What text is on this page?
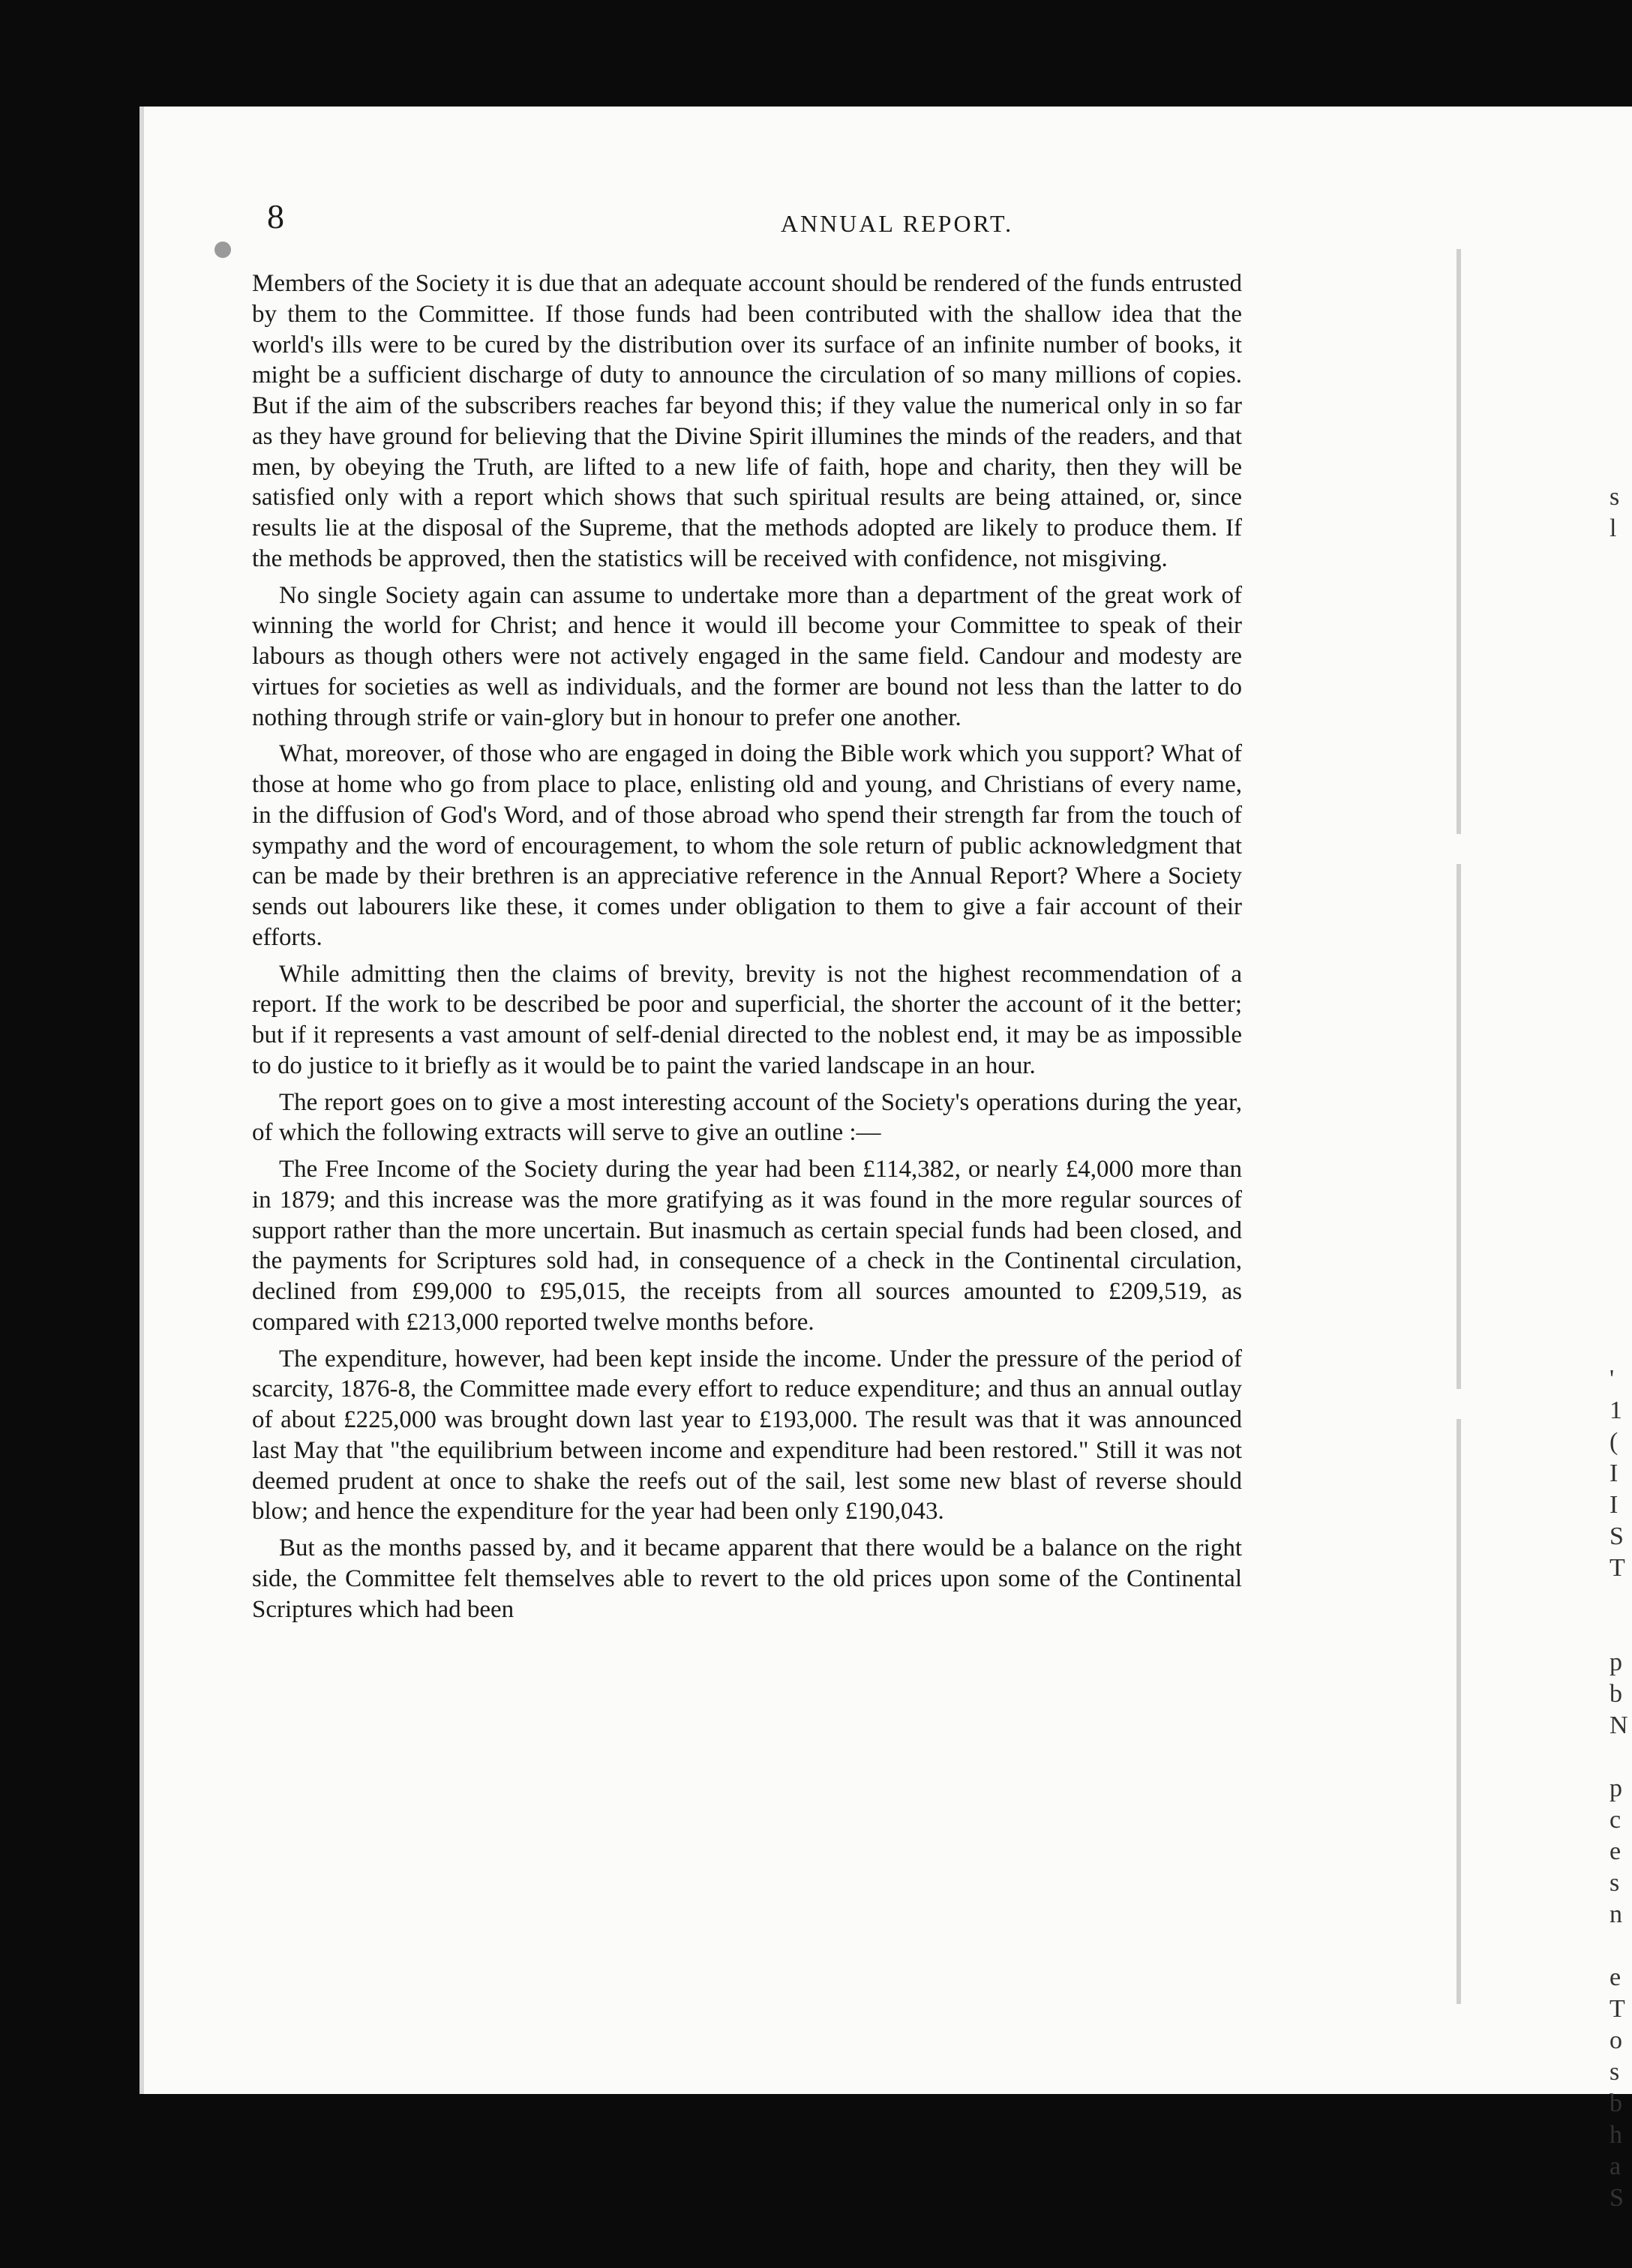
8	ANNUAL REPORT.

Members of the Society it is due that an adequate account should be rendered of the funds entrusted by them to the Committee. If those funds had been contributed with the shallow idea that the world's ills were to be cured by the distribution over its surface of an infinite number of books, it might be a sufficient discharge of duty to announce the circulation of so many millions of copies. But if the aim of the subscribers reaches far beyond this; if they value the numerical only in so far as they have ground for believing that the Divine Spirit illumines the minds of the readers, and that men, by obeying the Truth, are lifted to a new life of faith, hope and charity, then they will be satisfied only with a report which shows that such spiritual results are being attained, or, since results lie at the disposal of the Supreme, that the methods adopted are likely to produce them. If the methods be approved, then the statistics will be received with confidence, not misgiving.

No single Society again can assume to undertake more than a department of the great work of winning the world for Christ; and hence it would ill become your Committee to speak of their labours as though others were not actively engaged in the same field. Candour and modesty are virtues for societies as well as individuals, and the former are bound not less than the latter to do nothing through strife or vain-glory but in honour to prefer one another.

What, moreover, of those who are engaged in doing the Bible work which you support? What of those at home who go from place to place, enlisting old and young, and Christians of every name, in the diffusion of God's Word, and of those abroad who spend their strength far from the touch of sympathy and the word of encouragement, to whom the sole return of public acknowledgment that can be made by their brethren is an appreciative reference in the Annual Report? Where a Society sends out labourers like these, it comes under obligation to them to give a fair account of their efforts.

While admitting then the claims of brevity, brevity is not the highest recommendation of a report. If the work to be described be poor and superficial, the shorter the account of it the better; but if it represents a vast amount of self-denial directed to the noblest end, it may be as impossible to do justice to it briefly as it would be to paint the varied landscape in an hour.

The report goes on to give a most interesting account of the Society's operations during the year, of which the following extracts will serve to give an outline :—

The Free Income of the Society during the year had been £114,382, or nearly £4,000 more than in 1879; and this increase was the more gratifying as it was found in the more regular sources of support rather than the more uncertain. But inasmuch as certain special funds had been closed, and the payments for Scriptures sold had, in consequence of a check in the Continental circulation, declined from £99,000 to £95,015, the receipts from all sources amounted to £209,519, as compared with £213,000 reported twelve months before.

The expenditure, however, had been kept inside the income. Under the pressure of the period of scarcity, 1876-8, the Committee made every effort to reduce expenditure; and thus an annual outlay of about £225,000 was brought down last year to £193,000. The result was that it was announced last May that "the equilibrium between income and expenditure had been restored." Still it was not deemed prudent at once to shake the reefs out of the sail, lest some new blast of reverse should blow; and hence the expenditure for the year had been only £190,043.

But as the months passed by, and it became apparent that there would be a balance on the right side, the Committee felt themselves able to revert to the old prices upon some of the Continental Scriptures which had been

s
l
'
1
(
I
I
S
T
p
b
N
p
c
e
s
n
e
T
o
s
b
h
a
S
